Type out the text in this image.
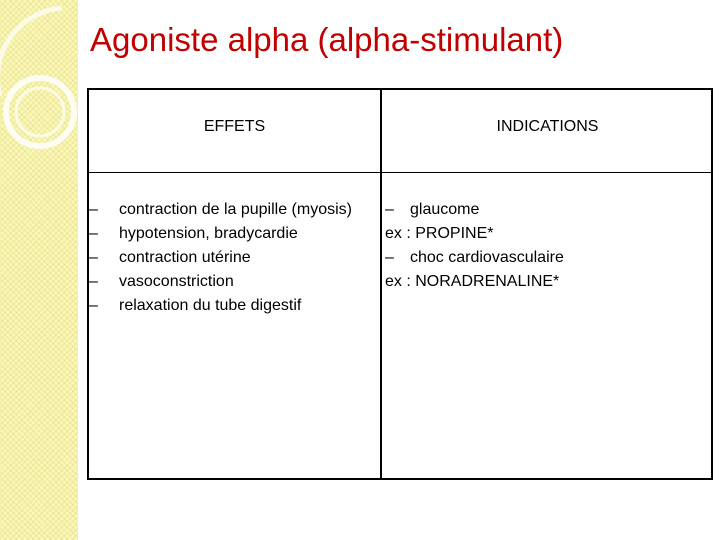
Agoniste alpha (alpha-stimulant)
EFFETS	INDICATIONS
– contraction de la pupille (myosis)
– hypotension, bradycardie
– contraction utérine
– vasoconstriction
– relaxation du tube digestif
– glaucome
ex : PROPINE*
– choc cardiovasculaire
ex : NORADRENALINE*
